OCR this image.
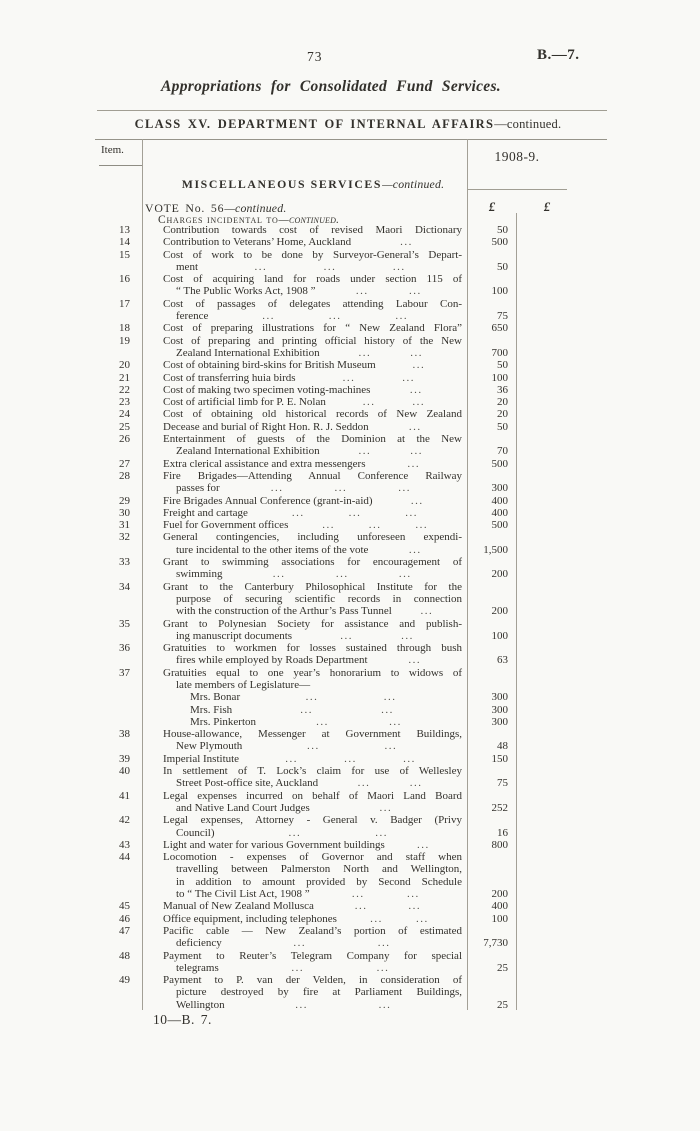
73	B.—7.
Appropriations for Consolidated Fund Services.
CLASS XV. DEPARTMENT OF INTERNAL AFFAIRS—continued.
Item.	1908-9.
£	£
MISCELLANEOUS SERVICES—continued.
VOTE No. 56—continued.
Charges incidental to—continued.
13	Contribution towards cost of revised Maori Dictionary	50
14	Contribution to Veterans’ Home, Auckland	...	500
15	Cost of work to be done by Surveyor-General’s Depart-
ment	...	...	...	50
16	Cost of acquiring land for roads under section 115 of
“ The Public Works Act, 1908 ”	...	...	100
17	Cost of passages of delegates attending Labour Con-
ference	...	...	...	75
18	Cost of preparing illustrations for “ New Zealand Flora”	650
19	Cost of preparing and printing official history of the New
Zealand International Exhibition	...	...	700
20	Cost of obtaining bird-skins for British Museum	...	50
21	Cost of transferring huia birds	...	...	100
22	Cost of making two specimen voting-machines	...	36
23	Cost of artificial limb for P. E. Nolan	...	...	20
24	Cost of obtaining old historical records of New Zealand	20
25	Decease and burial of Right Hon. R. J. Seddon	...	50
26	Entertainment of guests of the Dominion at the New
Zealand International Exhibition	...	...	70
27	Extra clerical assistance and extra messengers	...	500
28	Fire Brigades—Attending Annual Conference Railway
passes for	...	...	...	300
29	Fire Brigades Annual Conference (grant-in-aid)	...	400
30	Freight and cartage	...	...	...	400
31	Fuel for Government offices	...	...	...	500
32	General contingencies, including unforeseen expendi-
ture incidental to the other items of the vote	...	1,500
33	Grant to swimming associations for encouragement of
swimming	...	...	...	200
34	Grant to the Canterbury Philosophical Institute for the
purpose of securing scientific records in connection
with the construction of the Arthur’s Pass Tunnel	...	200
35	Grant to Polynesian Society for assistance and publish-
ing manuscript documents	...	...	100
36	Gratuities to workmen for losses sustained through bush
fires while employed by Roads Department	...	63
37	Gratuities equal to one year’s honorarium to widows of
late members of Legislature—
Mrs. Bonar	...	...	300
Mrs. Fish	...	...	300
Mrs. Pinkerton	...	...	300
38	House-allowance, Messenger at Government Buildings,
New Plymouth	...	...	48
39	Imperial Institute	...	...	...	150
40	In settlement of T. Lock’s claim for use of Wellesley
Street Post-office site, Auckland	...	...	75
41	Legal expenses incurred on behalf of Maori Land Board
and Native Land Court Judges	...	252
42	Legal expenses, Attorney - General v. Badger (Privy
Council)	...	...	16
43	Light and water for various Government buildings	...	800
44	Locomotion - expenses of Governor and staff when
travelling between Palmerston North and Wellington,
in addition to amount provided by Second Schedule
to “ The Civil List Act, 1908 ”	...	...	200
45	Manual of New Zealand Mollusca	...	...	400
46	Office equipment, including telephones	...	...	100
47	Pacific cable — New Zealand’s portion of estimated
deficiency	...	...	7,730
48	Payment to Reuter’s Telegram Company for special
telegrams	...	...	25
49	Payment to P. van der Velden, in consideration of
picture destroyed by fire at Parliament Buildings,
Wellington	...	...	25
10—B. 7.
